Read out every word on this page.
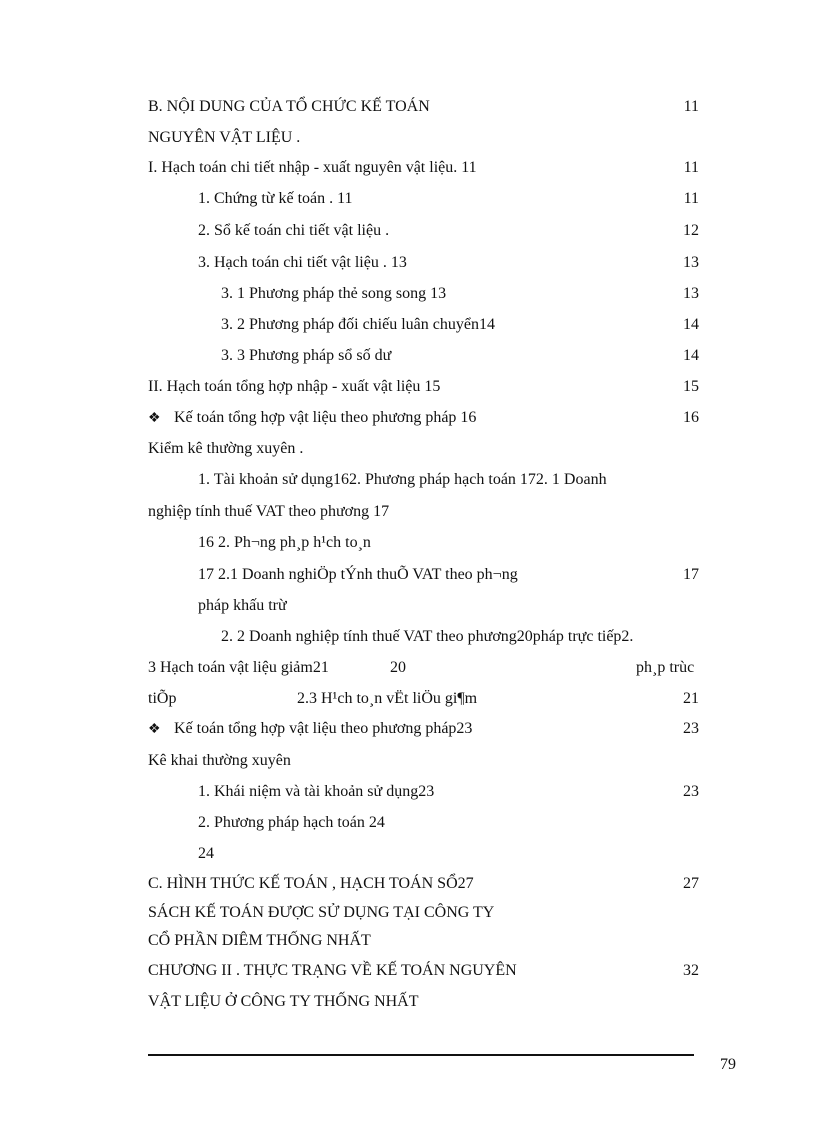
B. NỘI DUNG CỦA TỔ CHỨC KẾ TOÁN	11
NGUYÊN VẬT LIỆU .
I. Hạch toán chi tiết nhập - xuất nguyên vật liệu. 11	11
1. Chứng từ kế toán . 11	11
2. Sổ kế toán chi tiết vật liệu .	12
3. Hạch toán chi tiết vật liệu . 13	13
3. 1 Phương pháp thẻ song song 13	13
3. 2 Phương pháp đối chiếu luân chuyển14	14
3. 3 Phương pháp sổ số dư	14
II. Hạch toán tổng hợp nhập - xuất vật liệu 15	15
❖ Kế toán tổng hợp vật liệu theo phương pháp 16	16
Kiểm kê thường xuyên .
1. Tài khoản sử dụng162. Phương pháp hạch toán 172. 1 Doanh
nghiệp tính thuế VAT theo phương 17
16 2. Ph¬ng ph¸p h¹ch to¸n
17 2.1 Doanh nghiÖp tÝnh thuÕ VAT theo ph¬ng	17
pháp khấu trừ
2. 2 Doanh nghiệp tính thuế VAT theo phương20pháp trực tiếp2.
3 Hạch toán vật liệu giảm21	20	ph¸p trùc
tiÕp	2.3 H¹ch to¸n vËt liÖu gi¶m	21
❖ Kế toán tổng hợp vật liệu theo phương pháp23	23
Kê khai thường xuyên
1. Khái niệm và tài khoản sử dụng23	23
2. Phương pháp hạch toán 24
24
C. HÌNH THỨC KẾ TOÁN , HẠCH TOÁN SỔ27	27
SÁCH KẾ TOÁN ĐƯỢC SỬ DỤNG TẠI CÔNG TY
CỔ PHẦN DIÊM THỐNG NHẤT
CHƯƠNG II . THỰC TRẠNG VỀ KẾ TOÁN NGUYÊN	32
VẬT LIỆU Ở CÔNG TY THỐNG NHẤT
79
